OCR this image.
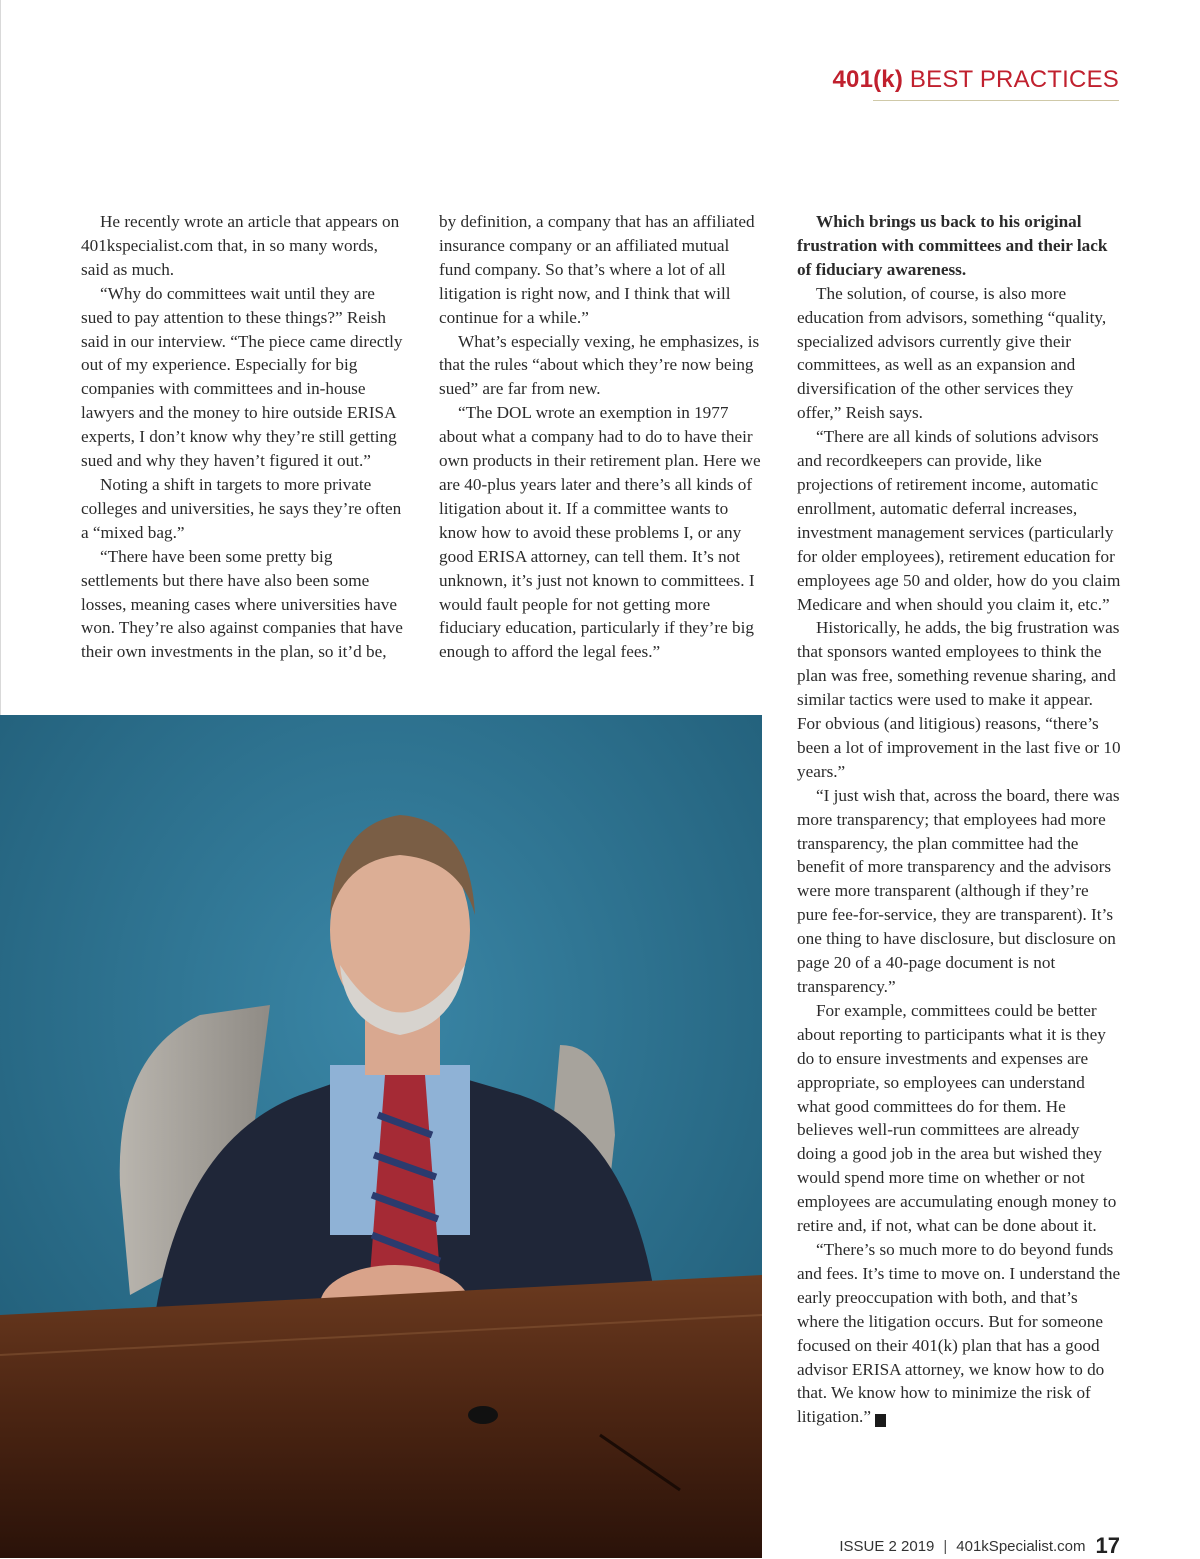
401(k) BEST PRACTICES

He recently wrote an article that appears on 401kspecialist.com that, in so many words, said as much.

“Why do committees wait until they are sued to pay attention to these things?” Reish said in our interview. “The piece came directly out of my experience. Especially for big companies with committees and in-house lawyers and the money to hire outside ERISA experts, I don’t know why they’re still getting sued and why they haven’t figured it out.”

Noting a shift in targets to more private colleges and universities, he says they’re often a “mixed bag.”

“There have been some pretty big settlements but there have also been some losses, meaning cases where universities have won. They’re also against companies that have their own investments in the plan, so it’d be,

by definition, a company that has an affiliated insurance company or an affiliated mutual fund company. So that’s where a lot of all litigation is right now, and I think that will continue for a while.”

What’s especially vexing, he emphasizes, is that the rules “about which they’re now being sued” are far from new.

“The DOL wrote an exemption in 1977 about what a company had to do to have their own products in their retirement plan. Here we are 40-plus years later and there’s all kinds of litigation about it. If a committee wants to know how to avoid these problems I, or any good ERISA attorney, can tell them. It’s not unknown, it’s just not known to committees. I would fault people for not getting more fiduciary education, particularly if they’re big enough to afford the legal fees.”

Which brings us back to his original frustration with committees and their lack of fiduciary awareness.

The solution, of course, is also more education from advisors, something “quality, specialized advisors currently give their committees, as well as an expansion and diversification of the other services they offer,” Reish says.

“There are all kinds of solutions advisors and recordkeepers can provide, like projections of retirement income, automatic enrollment, automatic deferral increases, investment management services (particularly for older employees), retirement education for employees age 50 and older, how do you claim Medicare and when should you claim it, etc.”

Historically, he adds, the big frustration was that sponsors wanted employees to think the plan was free, something revenue sharing, and similar tactics were used to make it appear. For obvious (and litigious) reasons, “there’s been a lot of improvement in the last five or 10 years.”

“I just wish that, across the board, there was more transparency; that employees had more transparency, the plan committee had the benefit of more transparency and the advisors were more transparent (although if they’re pure fee-for-service, they are transparent). It’s one thing to have disclosure, but disclosure on page 20 of a 40-page document is not transparency.”

For example, committees could be better about reporting to participants what it is they do to ensure investments and expenses are appropriate, so employees can understand what good committees do for them. He believes well-run committees are already doing a good job in the area but wished they would spend more time on whether or not employees are accumulating enough money to retire and, if not, what can be done about it.

“There’s so much more to do beyond funds and fees. It’s time to move on. I understand the early preoccupation with both, and that’s where the litigation occurs. But for someone focused on their 401(k) plan that has a good advisor ERISA attorney, we know how to do that. We know how to minimize the risk of litigation.” K

ISSUE 2 2019 | 401kSpecialist.com 17
